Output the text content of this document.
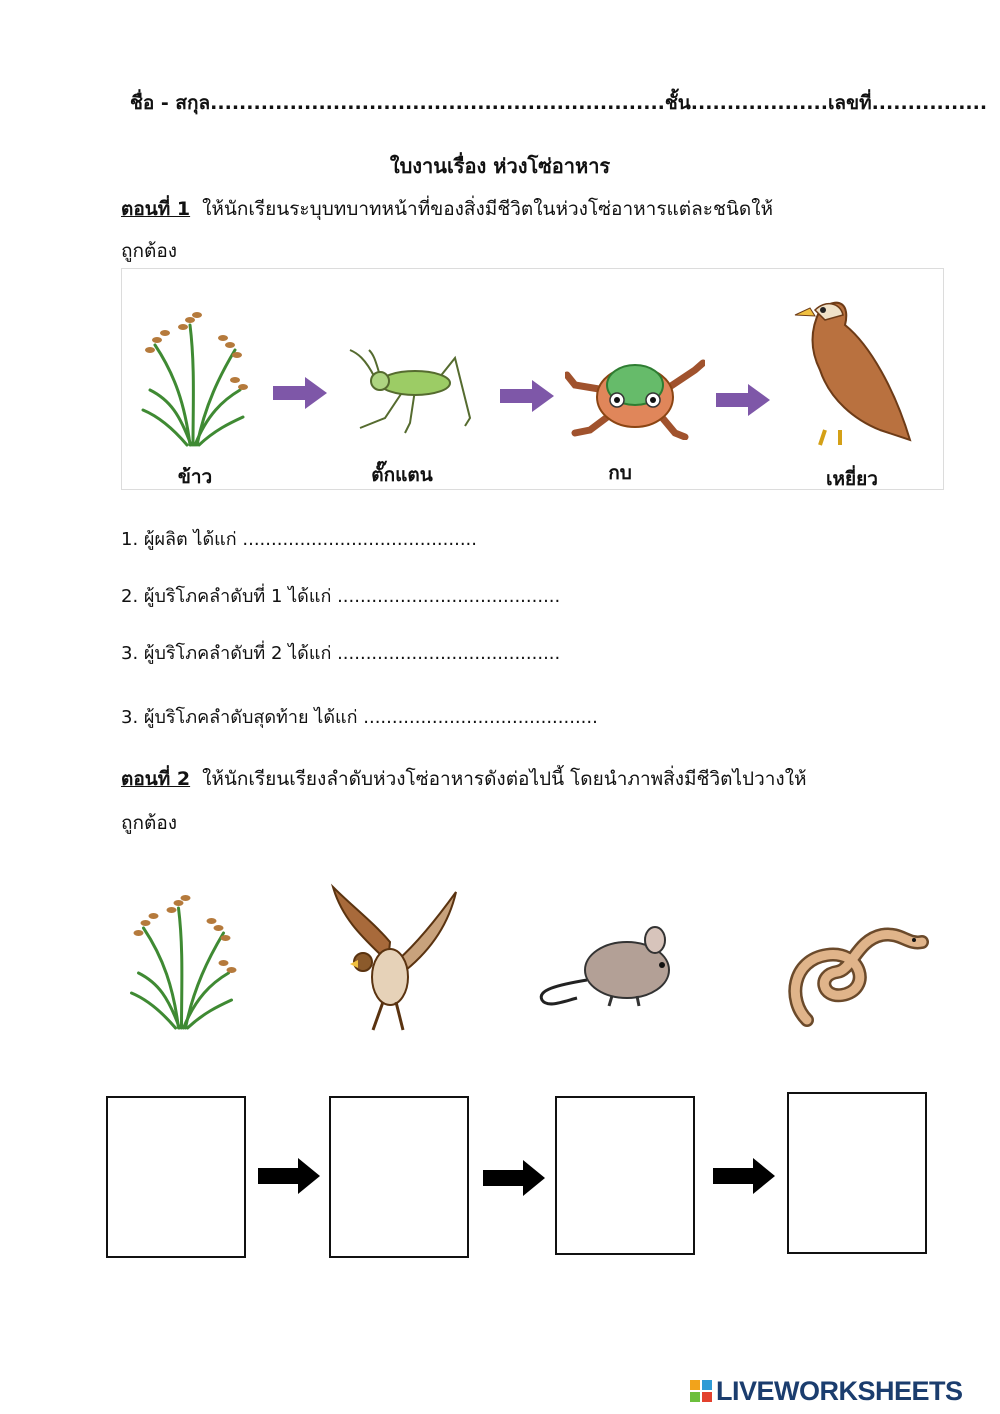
ชื่อ - สกุล...............................................................ชั้น...................เลขที่................
ใบงานเรื่อง ห่วงโซ่อาหาร
ตอนที่ 1 ให้นักเรียนระบุบทบาทหน้าที่ของสิ่งมีชีวิตในห่วงโซ่อาหารแต่ละชนิดให้
ถูกต้อง
ข้าว	ตั๊กแตน	กบ	เหยี่ยว
1. ผู้ผลิต ได้แก่ .........................................
2. ผู้บริโภคลำดับที่ 1 ได้แก่ .......................................
3. ผู้บริโภคลำดับที่ 2 ได้แก่ .......................................
3. ผู้บริโภคลำดับสุดท้าย ได้แก่ .........................................
ตอนที่ 2 ให้นักเรียนเรียงลำดับห่วงโซ่อาหารดังต่อไปนี้ โดยนำภาพสิ่งมีชีวิตไปวางให้
ถูกต้อง
LIVEWORKSHEETS
